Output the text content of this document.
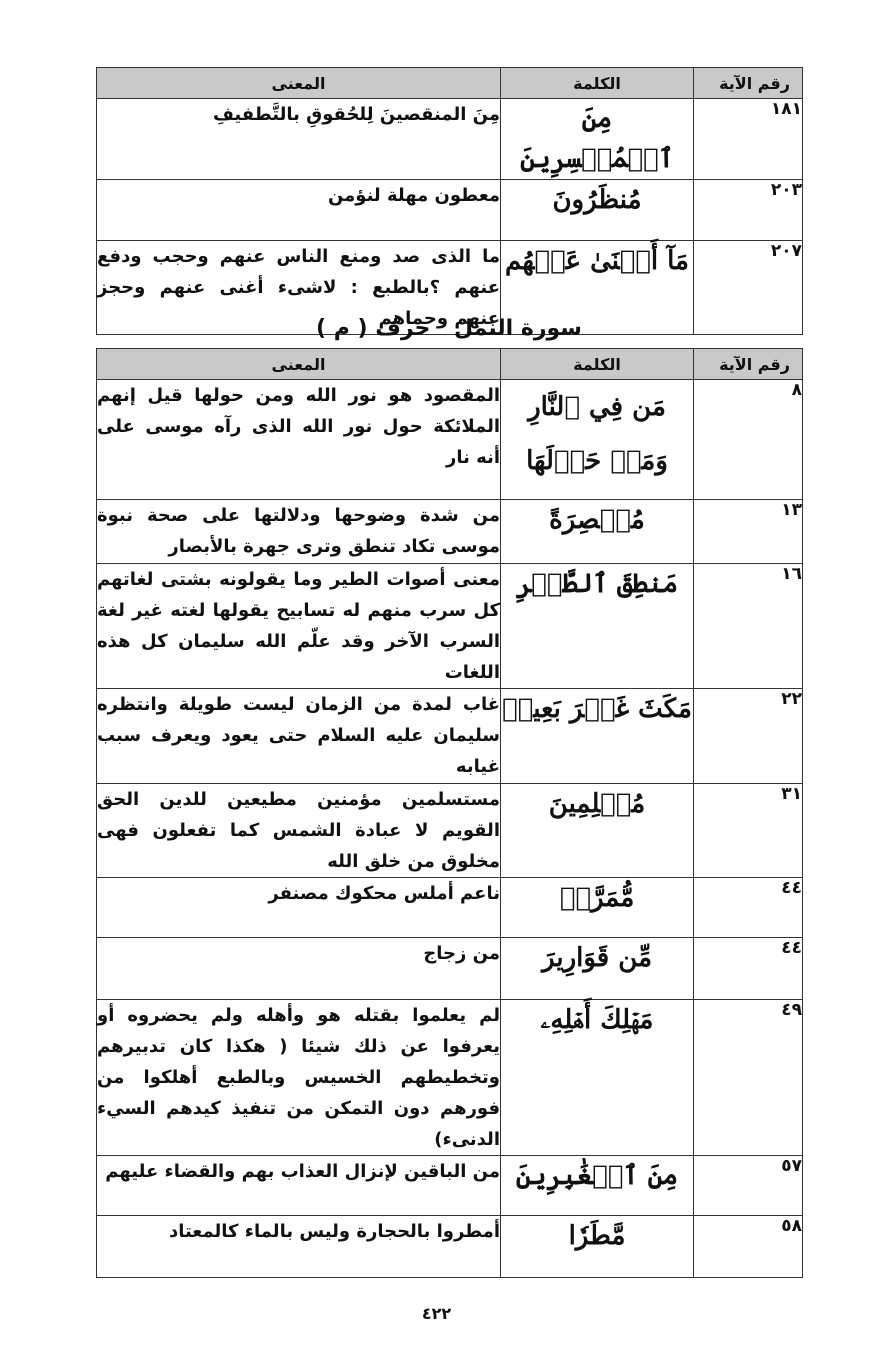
رقم الآية	الكلمة	المعنى
١٨١	مِنَ ٱلۡمُخۡسِرِينَ	مِنَ المنقصينَ لِلحُقوقِ بالتَّطفيفِ
٢٠٣	مُنظَرُونَ	معطون مهلة لنؤمن
٢٠٧	مَآ أَغۡنَىٰ عَنۡهُم	ما الذى صد ومنع الناس عنهم وحجب ودفع عنهم ؟بالطبع : لاشىء أغنى عنهم وحجز عنهم وحماهم
سورة النمل حرف ( م )
رقم الآية	الكلمة	المعنى
٨	مَن فِي ٱلنَّارِ وَمَنۡ حَوۡلَهَا	المقصود هو نور الله ومن حولها قيل إنهم الملائكة حول نور الله الذى رآه موسى على أنه نار
١٣	مُبۡصِرَةً	من شدة وضوحها ودلالتها على صحة نبوة موسى تكاد تنطق وترى جهرة بالأبصار
١٦	مَنطِقَ ٱلطَّيۡرِ	معنى أصوات الطير وما يقولونه بشتى لغاتهم كل سرب منهم له تسابيح يقولها لغته غير لغة السرب الآخر وقد علّم الله سليمان كل هذه اللغات
٢٢	مَكَثَ غَيۡرَ بَعِيدٖ	غاب لمدة من الزمان ليست طويلة وانتظره سليمان عليه السلام حتى يعود ويعرف سبب غيابه
٣١	مُسۡلِمِينَ	مستسلمين مؤمنين مطيعين للدين الحق القويم لا عبادة الشمس كما تفعلون فهى مخلوق من خلق الله
٤٤	مُّمَرَّدٞ	ناعم أملس محكوك مصنفر
٤٤	مِّن قَوَارِيرَ	من زجاج
٤٩	مَهۡلِكَ أَهۡلِهِۦ	لم يعلموا بقتله هو وأهله ولم يحضروه أو يعرفوا عن ذلك شيئا ( هكذا كان تدبيرهم وتخطيطهم الخسيس وبالطبع أهلكوا من فورهم دون التمكن من تنفيذ كيدهم السيء الدنىء)
٥٧	مِنَ ٱلۡغَٰبِرِينَ	من الباقين لإنزال العذاب بهم والقضاء عليهم
٥٨	مَّطَرٗا	أمطروا بالحجارة وليس بالماء كالمعتاد
٤٢٢
